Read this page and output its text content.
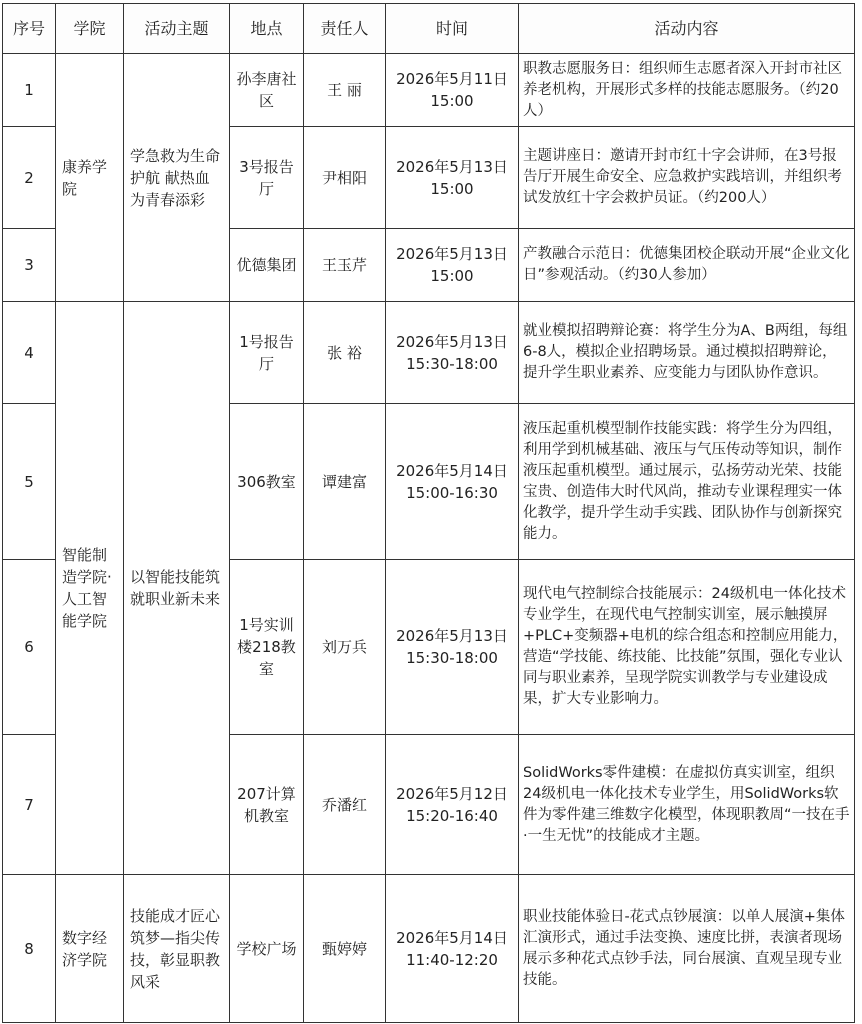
序号	学院	活动主题	地点	责任人	时间	活动内容
1	康养学院	学急救为生命护航 献热血为青春添彩	孙李唐社区	王 丽	2026年5月11日 15:00	职教志愿服务日：组织师生志愿者深入开封市社区养老机构，开展形式多样的技能志愿服务。（约20人）
2			3号报告厅	尹相阳	2026年5月13日 15:00	主题讲座日：邀请开封市红十字会讲师，在3号报告厅开展生命安全、应急救护实践培训，并组织考试发放红十字会救护员证。（约200人）
3			优德集团	王玉芹	2026年5月13日 15:00	产教融合示范日：优德集团校企联动开展“企业文化日”参观活动。（约30人参加）
4	智能制造学院·人工智能学院	以智能技能筑就职业新未来	1号报告厅	张 裕	2026年5月13日 15:30-18:00	就业模拟招聘辩论赛：将学生分为A、B两组，每组6-8人，模拟企业招聘场景。通过模拟招聘辩论，提升学生职业素养、应变能力与团队协作意识。
5			306教室	谭建富	2026年5月14日 15:00-16:30	液压起重机模型制作技能实践：将学生分为四组，利用学到机械基础、液压与气压传动等知识，制作液压起重机模型。通过展示，弘扬劳动光荣、技能宝贵、创造伟大时代风尚，推动专业课程理实一体化教学，提升学生动手实践、团队协作与创新探究能力。
6			1号实训楼218教室	刘万兵	2026年5月13日 15:30-18:00	现代电气控制综合技能展示：24级机电一体化技术专业学生，在现代电气控制实训室，展示触摸屏+PLC+变频器+电机的综合组态和控制应用能力，营造“学技能、练技能、比技能”氛围，强化专业认同与职业素养，呈现学院实训教学与专业建设成果，扩大专业影响力。
7			207计算机教室	乔潘红	2026年5月12日 15:20-16:40	SolidWorks零件建模：在虚拟仿真实训室，组织24级机电一体化技术专业学生，用SolidWorks软件为零件建三维数字化模型，体现职教周“一技在手·一生无忧”的技能成才主题。
8	数字经济学院	技能成才匠心筑梦—指尖传技，彰显职教风采	学校广场	甄婷婷	2026年5月14日 11:40-12:20	职业技能体验日-花式点钞展演：以单人展演+集体汇演形式，通过手法变换、速度比拼，表演者现场展示多种花式点钞手法，同台展演、直观呈现专业技能。
